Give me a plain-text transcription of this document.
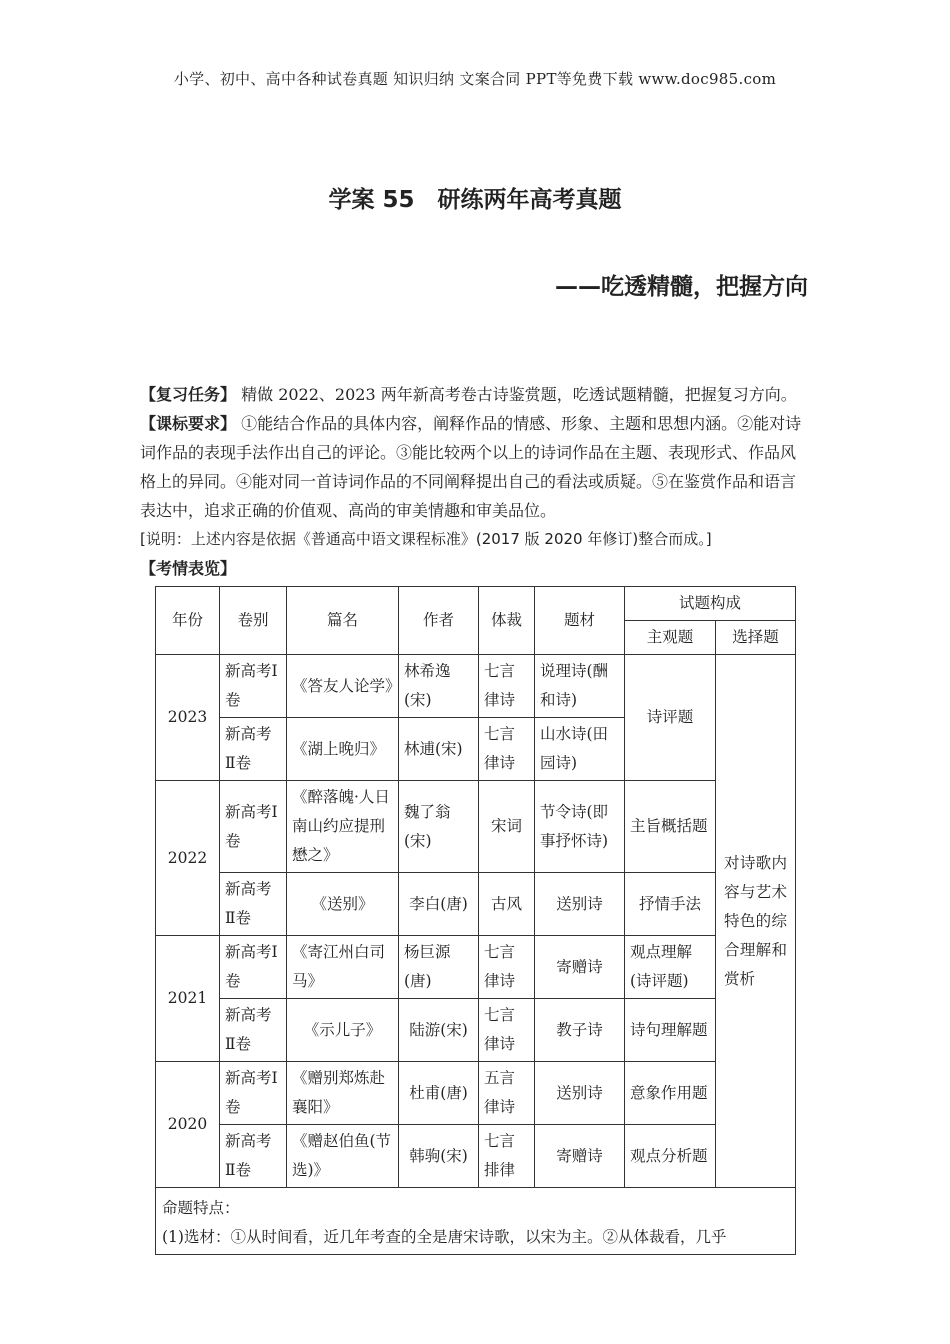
小学、初中、高中各种试卷真题 知识归纳 文案合同 PPT等免费下载 www.doc985.com
学案 55　研练两年高考真题
——吃透精髓，把握方向
【复习任务】 精做 2022、2023 两年新高考卷古诗鉴赏题，吃透试题精髓，把握复习方向。
【课标要求】 ①能结合作品的具体内容，阐释作品的情感、形象、主题和思想内涵。②能对诗词作品的表现手法作出自己的评论。③能比较两个以上的诗词作品在主题、表现形式、作品风格上的异同。④能对同一首诗词作品的不同阐释提出自己的看法或质疑。⑤在鉴赏作品和语言表达中，追求正确的价值观、高尚的审美情趣和审美品位。
[说明：上述内容是依据《普通高中语文课程标准》(2017 版 2020 年修订)整合而成。]
【考情表览】
年份	卷别	篇名	作者	体裁	题材	试题构成	
						主观题	选择题
2023	新高考Ⅰ卷	《答友人论学》	林希逸(宋)	七言律诗	说理诗(酬和诗)	诗评题	对诗歌内容与艺术特色的综合理解和赏析

	新高考Ⅱ卷	《湖上晚归》	林逋(宋)	七言律诗	山水诗(田园诗)		
2022	新高考Ⅰ卷	《醉落魄·人日南山约应提刑懋之》	魏了翁(宋)	宋词	节令诗(即事抒怀诗)	主旨概括题	
	新高考Ⅱ卷	《送别》	李白(唐)	古风	送别诗	抒情手法	
2021	新高考Ⅰ卷	《寄江州白司马》	杨巨源(唐)	七言律诗	寄赠诗	观点理解(诗评题)	
	新高考Ⅱ卷	《示儿子》	陆游(宋)	七言律诗	教子诗	诗句理解题	
2020	新高考Ⅰ卷	《赠别郑炼赴襄阳》	杜甫(唐)	五言律诗	送别诗	意象作用题	
	新高考Ⅱ卷	《赠赵伯鱼(节选)》	韩驹(宋)	七言排律	寄赠诗	观点分析题	

命题特点：
(1)选材：①从时间看，近几年考查的全是唐宋诗歌，以宋为主。②从体裁看，几乎							
